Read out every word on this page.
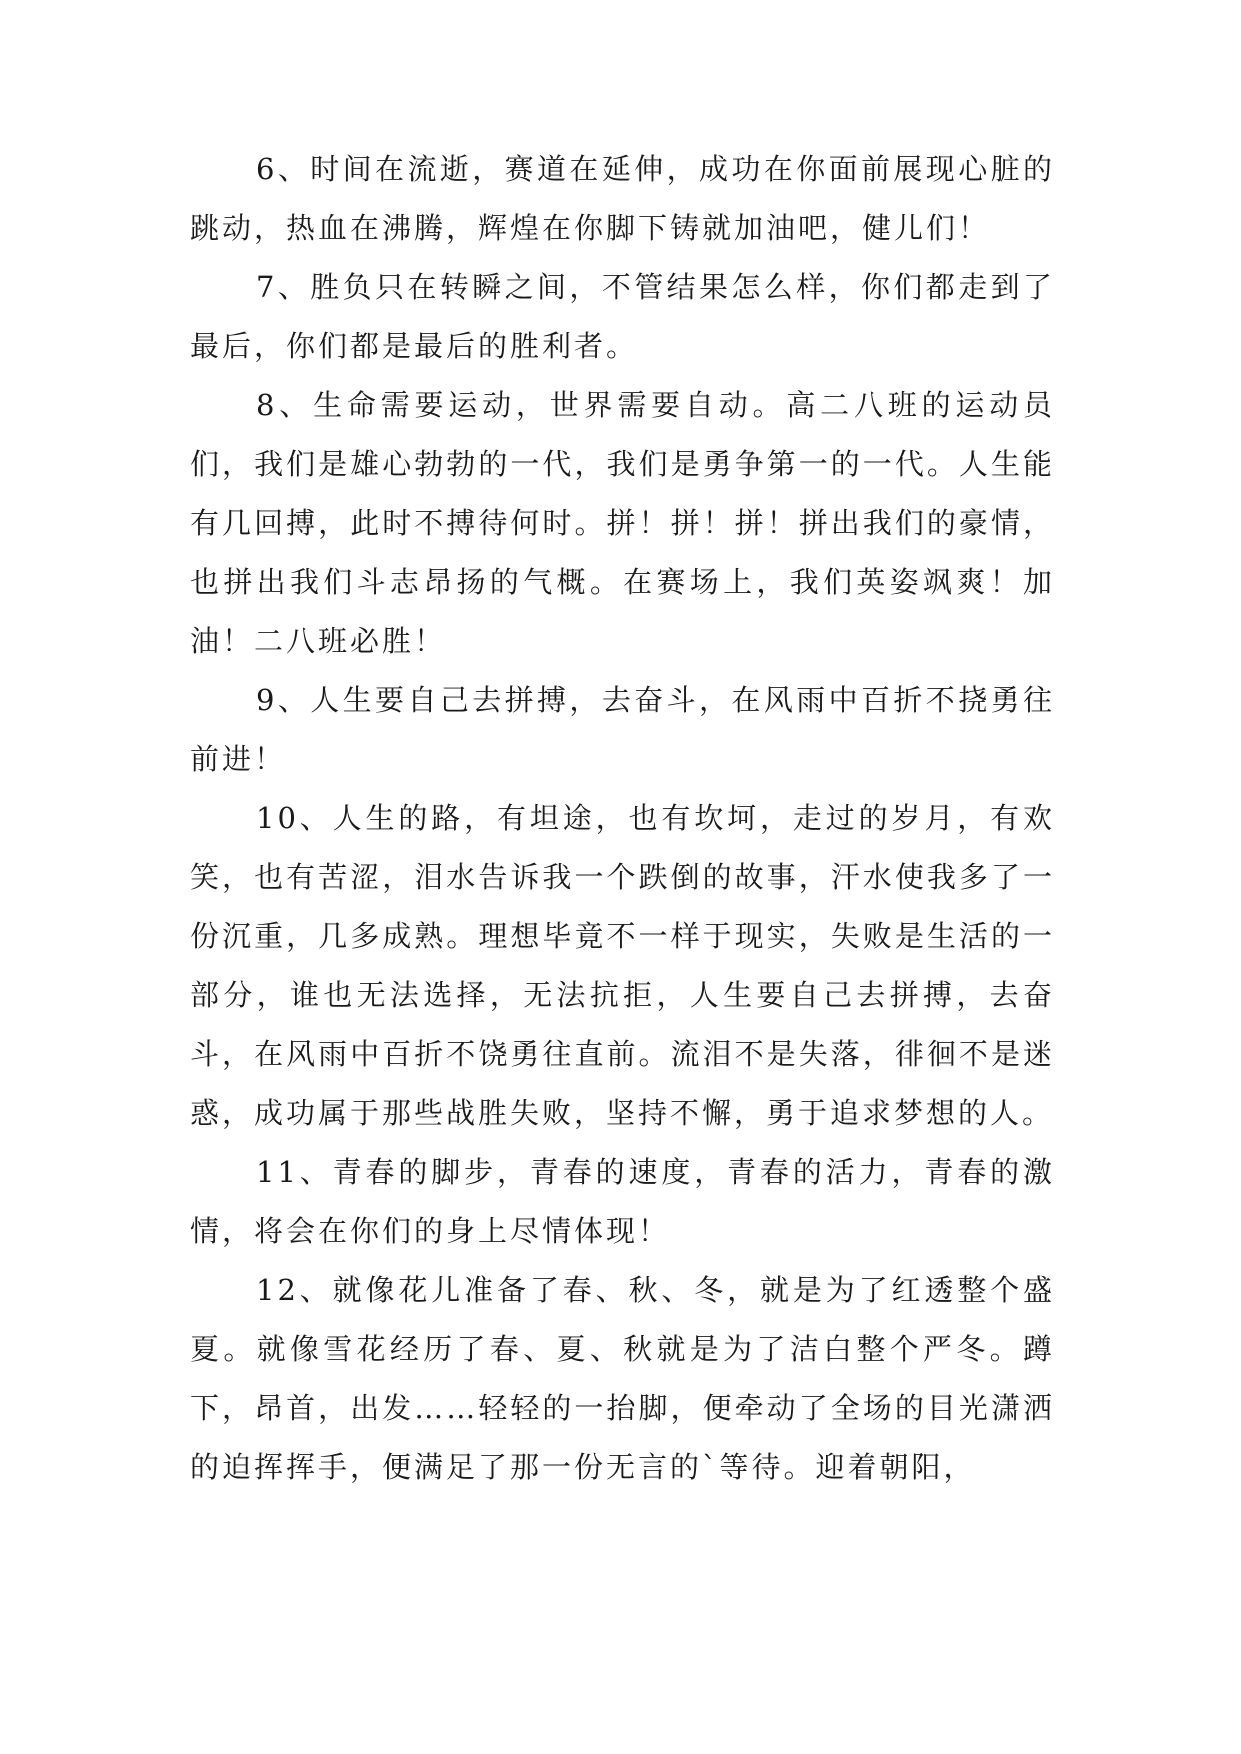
6、时间在流逝，赛道在延伸，成功在你面前展现心脏的跳动，热血在沸腾，辉煌在你脚下铸就加油吧，健儿们！

7、胜负只在转瞬之间，不管结果怎么样，你们都走到了最后，你们都是最后的胜利者。

8、生命需要运动，世界需要自动。高二八班的运动员们，我们是雄心勃勃的一代，我们是勇争第一的一代。人生能有几回搏，此时不搏待何时。拼！拼！拼！拼出我们的豪情，也拼出我们斗志昂扬的气概。在赛场上，我们英姿飒爽！加油！二八班必胜！

9、人生要自己去拼搏，去奋斗，在风雨中百折不挠勇往前进！

10、人生的路，有坦途，也有坎坷，走过的岁月，有欢笑，也有苦涩，泪水告诉我一个跌倒的故事，汗水使我多了一份沉重，几多成熟。理想毕竟不一样于现实，失败是生活的一部分，谁也无法选择，无法抗拒，人生要自己去拼搏，去奋斗，在风雨中百折不饶勇往直前。流泪不是失落，徘徊不是迷惑，成功属于那些战胜失败，坚持不懈，勇于追求梦想的人。

11、青春的脚步，青春的速度，青春的活力，青春的激情，将会在你们的身上尽情体现！

12、就像花儿准备了春、秋、冬，就是为了红透整个盛夏。就像雪花经历了春、夏、秋就是为了洁白整个严冬。蹲下，昂首，出发……轻轻的一抬脚，便牵动了全场的目光潇洒的迫挥挥手，便满足了那一份无言的`等待。迎着朝阳，
